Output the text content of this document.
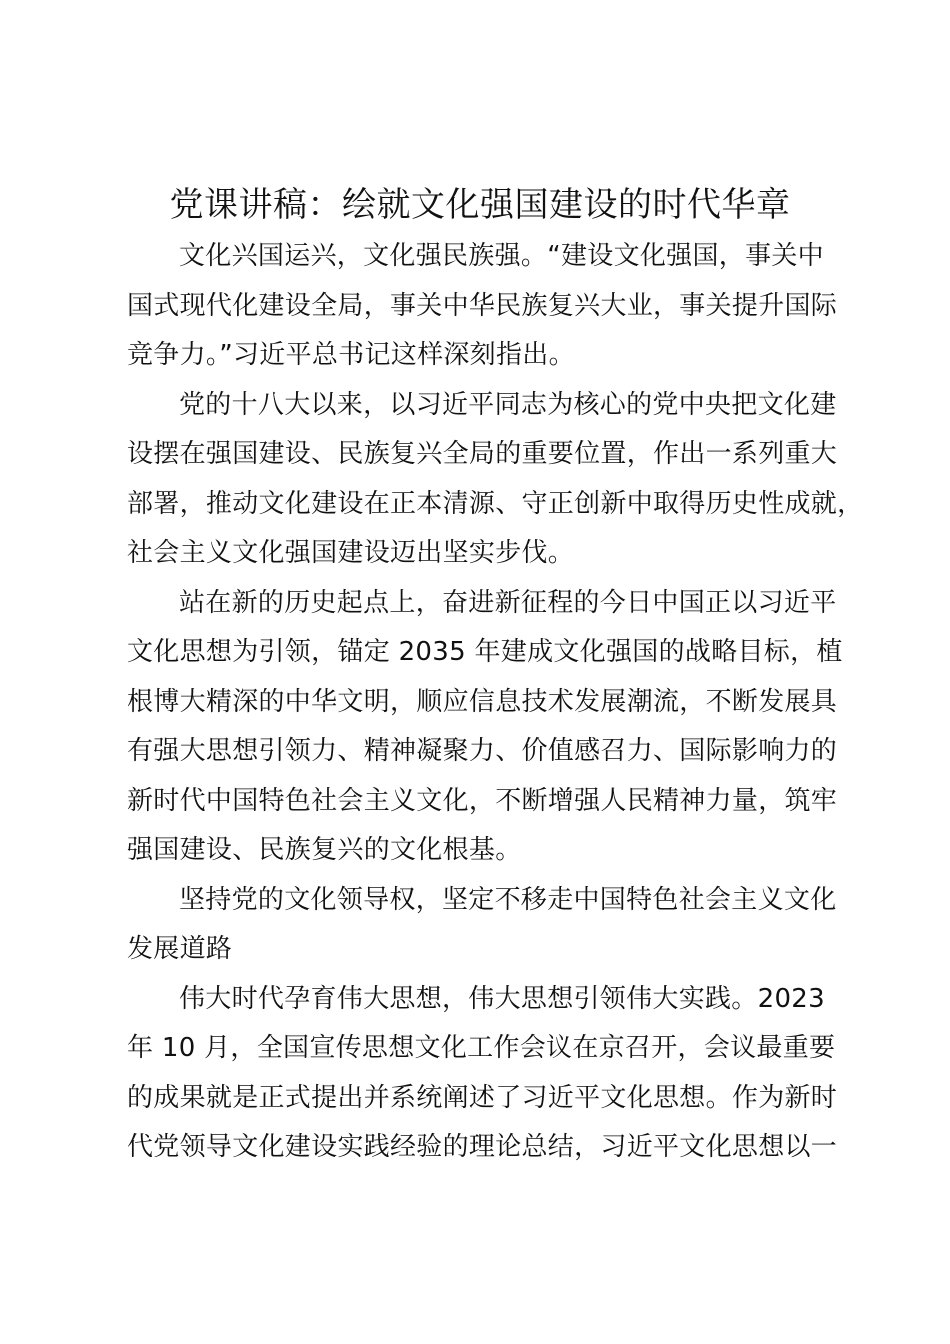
党课讲稿：绘就文化强国建设的时代华章

文化兴国运兴，文化强民族强。“建设文化强国，事关中
国式现代化建设全局，事关中华民族复兴大业，事关提升国际
竞争力。”习近平总书记这样深刻指出。

党的十八大以来，以习近平同志为核心的党中央把文化建
设摆在强国建设、民族复兴全局的重要位置，作出一系列重大
部署，推动文化建设在正本清源、守正创新中取得历史性成就，
社会主义文化强国建设迈出坚实步伐。

站在新的历史起点上，奋进新征程的今日中国正以习近平
文化思想为引领，锚定 2035 年建成文化强国的战略目标，植
根博大精深的中华文明，顺应信息技术发展潮流，不断发展具
有强大思想引领力、精神凝聚力、价值感召力、国际影响力的
新时代中国特色社会主义文化，不断增强人民精神力量，筑牢
强国建设、民族复兴的文化根基。

坚持党的文化领导权，坚定不移走中国特色社会主义文化
发展道路

伟大时代孕育伟大思想，伟大思想引领伟大实践。2023
年 10 月，全国宣传思想文化工作会议在京召开，会议最重要
的成果就是正式提出并系统阐述了习近平文化思想。作为新时
代党领导文化建设实践经验的理论总结，习近平文化思想以一
